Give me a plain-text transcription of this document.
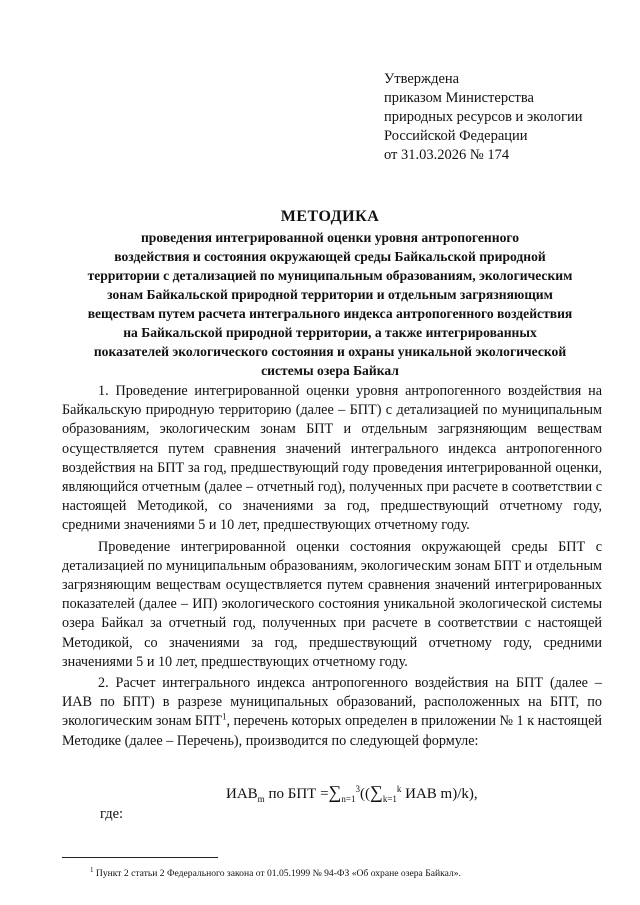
Утверждена
приказом Министерства
природных ресурсов и экологии
Российской Федерации
от 31.03.2026 № 174
МЕТОДИКА
проведения интегрированной оценки уровня антропогенного
воздействия и состояния окружающей среды Байкальской природной
территории с детализацией по муниципальным образованиям, экологическим
зонам Байкальской природной территории и отдельным загрязняющим
веществам путем расчета интегрального индекса антропогенного воздействия
на Байкальской природной территории, а также интегрированных
показателей экологического состояния и охраны уникальной экологической
системы озера Байкал

1. Проведение интегрированной оценки уровня антропогенного воздействия на Байкальскую природную территорию (далее – БПТ) с детализацией по муниципальным образованиям, экологическим зонам БПТ и отдельным загрязняющим веществам осуществляется путем сравнения значений интегрального индекса антропогенного воздействия на БПТ за год, предшествующий году проведения интегрированной оценки, являющийся отчетным (далее – отчетный год), полученных при расчете в соответствии с настоящей Методикой, со значениями за год, предшествующий отчетному году, средними значениями 5 и 10 лет, предшествующих отчетному году.

Проведение интегрированной оценки состояния окружающей среды БПТ с детализацией по муниципальным образованиям, экологическим зонам БПТ и отдельным загрязняющим веществам осуществляется путем сравнения значений интегрированных показателей (далее – ИП) экологического состояния уникальной экологической системы озера Байкал за отчетный год, полученных при расчете в соответствии с настоящей Методикой, со значениями за год, предшествующий отчетному году, средними значениями 5 и 10 лет, предшествующих отчетному году.

2. Расчет интегрального индекса антропогенного воздействия на БПТ (далее – ИАВ по БПТ) в разрезе муниципальных образований, расположенных на БПТ, по экологическим зонам БПТ$^1$, перечень которых определен в приложении № 1 к настоящей Методике (далее – Перечень), производится по следующей формуле:

$ИАВ_m$ по БПТ $=\sum_{n=1}^3((\sum_{k=1}^k$ ИАВ m)/k),
где:
$^1$ Пункт 2 статьи 2 Федерального закона от 01.05.1999 № 94-ФЗ «Об охране озера Байкал».
